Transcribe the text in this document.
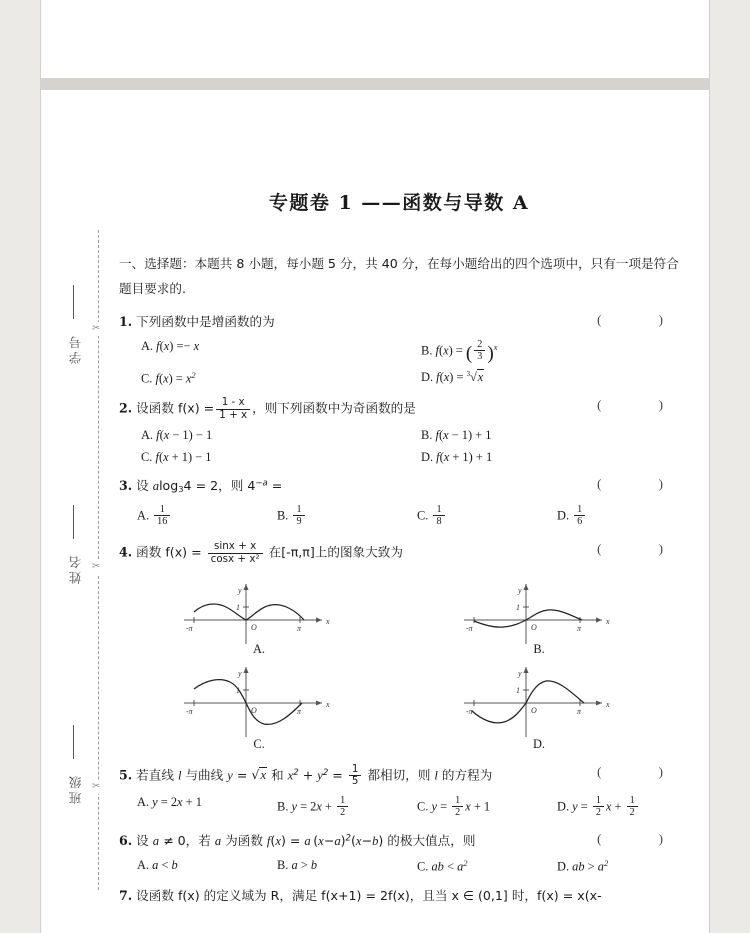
✂
✂
✂
学号
姓名
班级
专题卷 1 ——函数与导数 A
一、选择题：本题共 8 小题，每小题 5 分，共 40 分，在每小题给出的四个选项中，只有一项是符合题目要求的.
1. 下列函数中是增函数的为	(   )
A. f(x) =− x	B. f(x) = ( $\frac{2}{3} )^x$
C. $f(x) = x^2$	D. f(x) = $^3$√x
2. 设函数 $f(x) = \frac{1 - x}{1 + x}$ ，则下列函数中为奇函数的是	(   )
A. f(x − 1) − 1	B. f(x − 1) + 1
C. f(x + 1) − 1	D. f(x + 1) + 1
3. 设 alog$_3$4 = 2，则 $4^{-a}$ =	(   )
A. $\frac{1}{16}$	B. $\frac{1}{9}$	C. $\frac{1}{8}$	D. $\frac{1}{6}$
4. 函数 $f(x) = \frac{\sin x + x}{\text{cosx + x²}}$ 在[-π,π]上的图象大致为	(   )
y
x
O
-π	π
1
A.
y
x
O
-π	π
1
B.
y
x
O
-π	π
1
C.
y
x
O
-π	π
1
D.
5. 若直线 l 与曲线 y = √x 和 $x^2 + y^2 = \frac{1}{5}$ 都相切，则 l 的方程为	(   )
A. y = 2x + 1	B. $y = 2x + \frac{1}{2}$	C. $y = \frac{1}{2}$ x + 1	D. $y = \frac{1}{2}$ $x + \frac{1}{2}$
6. 设 a ≠ 0，若 a 为函数 f(x) = a $(x-a)^2(x-b)$ 的极大值点，则	(   )
A. a < b	B. a > b	C. ab < $a^2$	D. ab > $a^2$
7. 设函数 f(x) 的定义域为 R，满足 f(x+1) = 2f(x)，且当 x ∈ (0,1] 时，f(x) = x(x-
